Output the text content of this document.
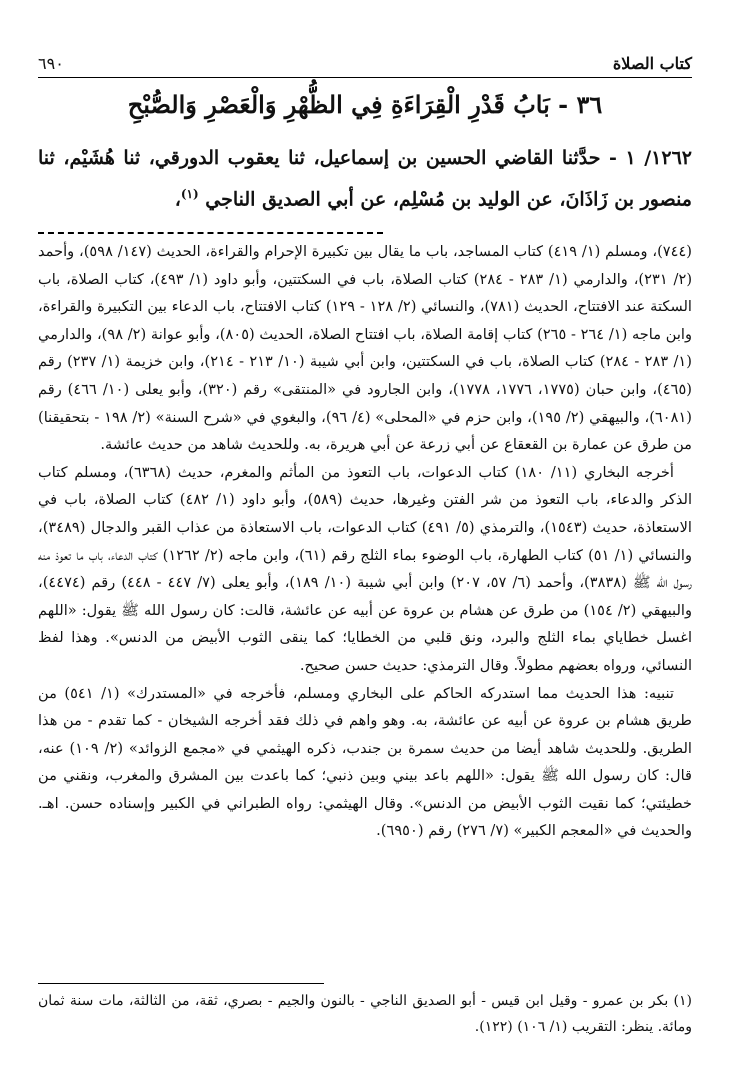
كتاب الصلاة
٦٩٠
٣٦ - بَابُ قَدْرِ الْقِرَاءَةِ فِي الظُّهْرِ وَالْعَصْرِ وَالصُّبْحِ
١٢٦٢/ ١ - حدَّثنا القاضي الحسين بن إسماعيل، ثنا يعقوب الدورقي، ثنا هُشَيْم، ثنا منصور بن زَاذَانَ، عن الوليد بن مُسْلِم، عن أبي الصديق الناجي $^{(١)}$،

(٧٤٤)، ومسلم (١/ ٤١٩) كتاب المساجد، باب ما يقال بين تكبيرة الإحرام والقراءة، الحديث (١٤٧/ ٥٩٨)، وأحمد (٢/ ٢٣١)، والدارمي (١/ ٢٨٣ - ٢٨٤) كتاب الصلاة، باب في السكتتين، وأبو داود (١/ ٤٩٣)، كتاب الصلاة، باب السكتة عند الافتتاح، الحديث (٧٨١)، والنسائي (٢/ ١٢٨ - ١٢٩) كتاب الافتتاح، باب الدعاء بين التكبيرة والقراءة، وابن ماجه (١/ ٢٦٤ - ٢٦٥) كتاب إقامة الصلاة، باب افتتاح الصلاة، الحديث (٨٠٥)، وأبو عوانة (٢/ ٩٨)، والدارمي (١/ ٢٨٣ - ٢٨٤) كتاب الصلاة، باب في السكتتين، وابن أبي شيبة (١٠/ ٢١٣ - ٢١٤)، وابن خزيمة (١/ ٢٣٧) رقم (٤٦٥)، وابن حبان (١٧٧٥، ١٧٧٦، ١٧٧٨)، وابن الجارود في «المنتقى» رقم (٣٢٠)، وأبو يعلى (١٠/ ٤٦٦) رقم (٦٠٨١)، والبيهقي (٢/ ١٩٥)، وابن حزم في «المحلى» (٤/ ٩٦)، والبغوي في «شرح السنة» (٢/ ١٩٨ - بتحقيقنا) من طرق عن عمارة بن القعقاع عن أبي زرعة عن أبي هريرة، به. وللحديث شاهد من حديث عائشة.

أخرجه البخاري (١١/ ١٨٠) كتاب الدعوات، باب التعوذ من المأثم والمغرم، حديث (٦٣٦٨)، ومسلم كتاب الذكر والدعاء، باب التعوذ من شر الفتن وغيرها، حديث (٥٨٩)، وأبو داود (١/ ٤٨٢) كتاب الصلاة، باب في الاستعاذة، حديث (١٥٤٣)، والترمذي (٥/ ٤٩١) كتاب الدعوات، باب الاستعاذة من عذاب القبر والدجال (٣٤٨٩)، والنسائي (١/ ٥١) كتاب الطهارة، باب الوضوء بماء الثلج رقم (٦١)، وابن ماجه (٢/ ١٢٦٢) كتاب الدعاء، باب ما تعوذ منه رسول الله ﷺ (٣٨٣٨)، وأحمد (٦/ ٥٧، ٢٠٧) وابن أبي شيبة (١٠/ ١٨٩)، وأبو يعلى (٧/ ٤٤٧ - ٤٤٨) رقم (٤٤٧٤)، والبيهقي (٢/ ١٥٤) من طرق عن هشام بن عروة عن أبيه عن عائشة، قالت: كان رسول الله ﷺ يقول: «اللهم اغسل خطاياي بماء الثلج والبرد، ونق قلبي من الخطايا؛ كما ينقى الثوب الأبيض من الدنس». وهذا لفظ النسائي، ورواه بعضهم مطولاً. وقال الترمذي: حديث حسن صحيح.

تنبيه: هذا الحديث مما استدركه الحاكم على البخاري ومسلم، فأخرجه في «المستدرك» (١/ ٥٤١) من طريق هشام بن عروة عن أبيه عن عائشة، به. وهو واهم في ذلك فقد أخرجه الشيخان - كما تقدم - من هذا الطريق. وللحديث شاهد أيضا من حديث سمرة بن جندب، ذكره الهيثمي في «مجمع الزوائد» (٢/ ١٠٩) عنه، قال: كان رسول الله ﷺ يقول: «اللهم باعد بيني وبين ذنبي؛ كما باعدت بين المشرق والمغرب، ونقني من خطيئتي؛ كما نقيت الثوب الأبيض من الدنس». وقال الهيثمي: رواه الطبراني في الكبير وإسناده حسن. اهـ. والحديث في «المعجم الكبير» (٧/ ٢٧٦) رقم (٦٩٥٠).

(١) بكر بن عمرو - وقيل ابن قيس - أبو الصديق الناجي - بالنون والجيم - بصري، ثقة، من الثالثة، مات سنة ثمان ومائة. ينظر: التقريب (١/ ١٠٦) (١٢٢).
